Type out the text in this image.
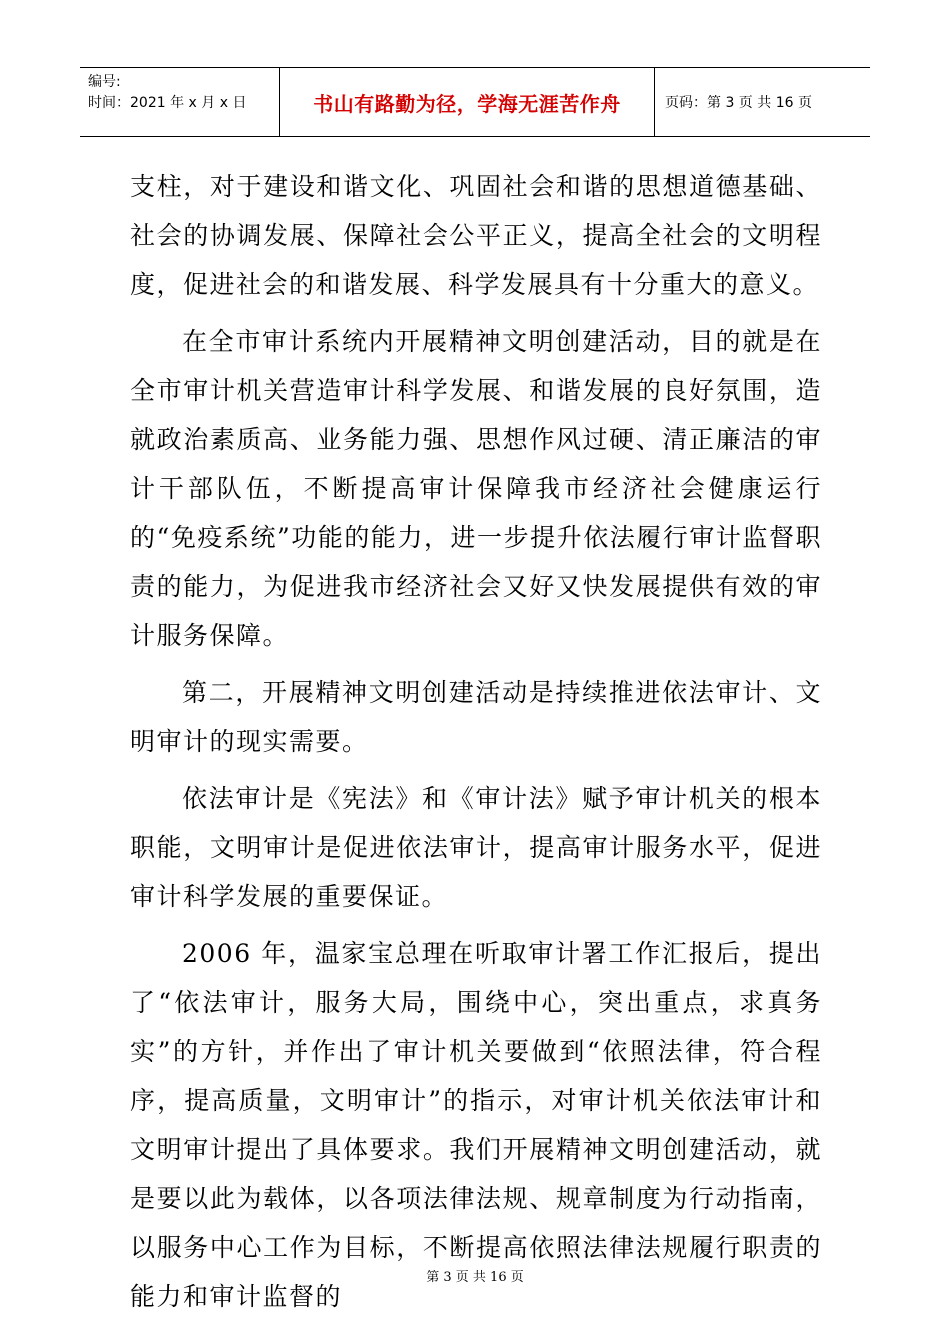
编号:
时间：2021 年 x 月 x 日	书山有路勤为径，学海无涯苦作舟	页码：第 3 页 共 16 页

支柱，对于建设和谐文化、巩固社会和谐的思想道德基础、社会的协调发展、保障社会公平正义，提高全社会的文明程度，促进社会的和谐发展、科学发展具有十分重大的意义。

在全市审计系统内开展精神文明创建活动，目的就是在全市审计机关营造审计科学发展、和谐发展的良好氛围，造就政治素质高、业务能力强、思想作风过硬、清正廉洁的审计干部队伍，不断提高审计保障我市经济社会健康运行的“免疫系统”功能的能力，进一步提升依法履行审计监督职责的能力，为促进我市经济社会又好又快发展提供有效的审计服务保障。

第二，开展精神文明创建活动是持续推进依法审计、文明审计的现实需要。

依法审计是《宪法》和《审计法》赋予审计机关的根本职能，文明审计是促进依法审计，提高审计服务水平，促进审计科学发展的重要保证。

2006 年，温家宝总理在听取审计署工作汇报后，提出了“依法审计，服务大局，围绕中心，突出重点，求真务实”的方针，并作出了审计机关要做到“依照法律，符合程序，提高质量，文明审计”的指示，对审计机关依法审计和文明审计提出了具体要求。我们开展精神文明创建活动，就是要以此为载体，以各项法律法规、规章制度为行动指南，以服务中心工作为目标，不断提高依照法律法规履行职责的能力和审计监督的

第 3 页 共 16 页
